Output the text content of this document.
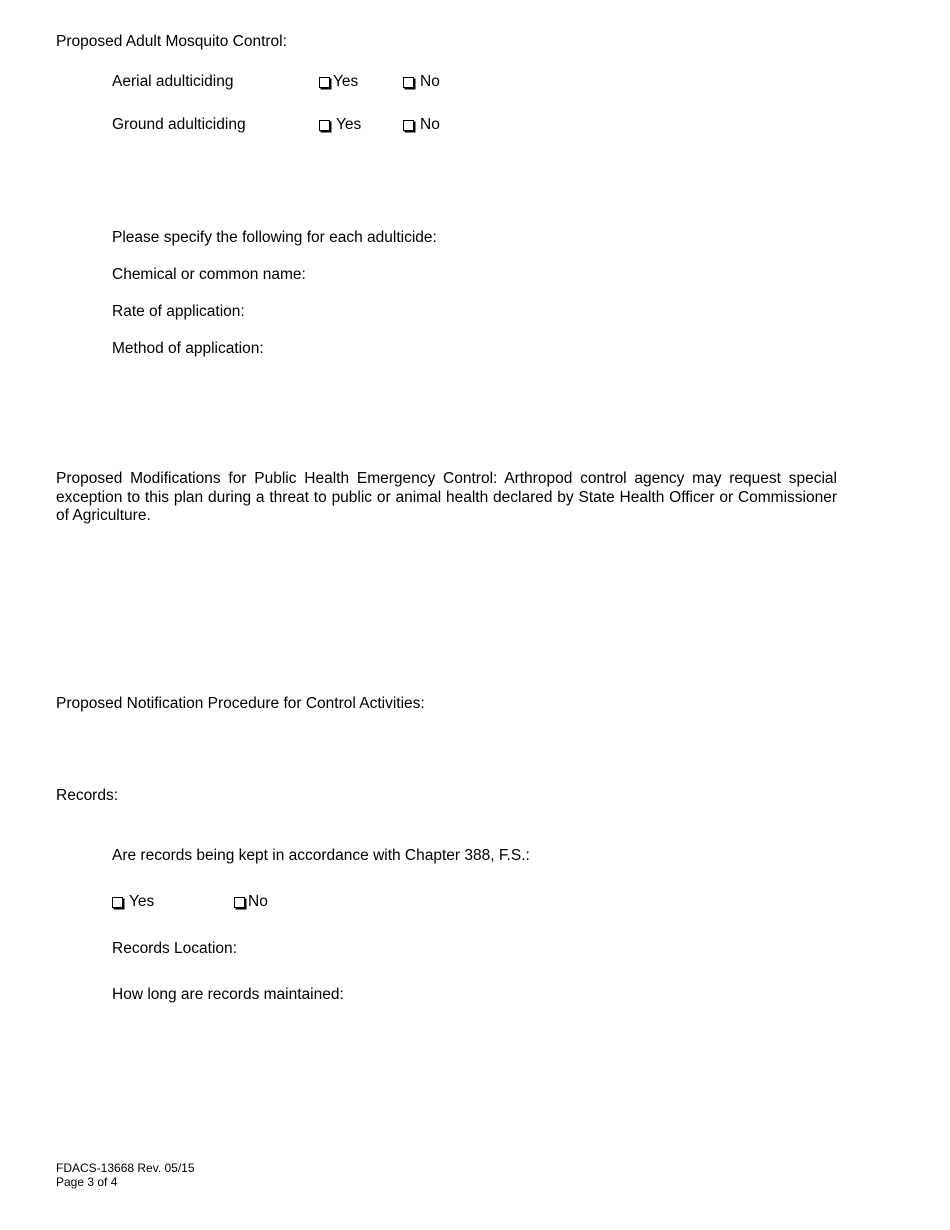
Proposed Adult Mosquito Control:
Aerial adulticiding	Yes	No
Ground adulticiding	Yes	No
Please specify the following for each adulticide:
Chemical or common name:
Rate of application:
Method of application:
Proposed Modifications for Public Health Emergency Control: Arthropod control agency may request special exception to this plan during a threat to public or animal health declared by State Health Officer or Commissioner of Agriculture.
Proposed Notification Procedure for Control Activities:
Records:
Are records being kept in accordance with Chapter 388, F.S.:
Yes	No
Records Location:
How long are records maintained:
FDACS-13668 Rev. 05/15
Page 3 of 4
